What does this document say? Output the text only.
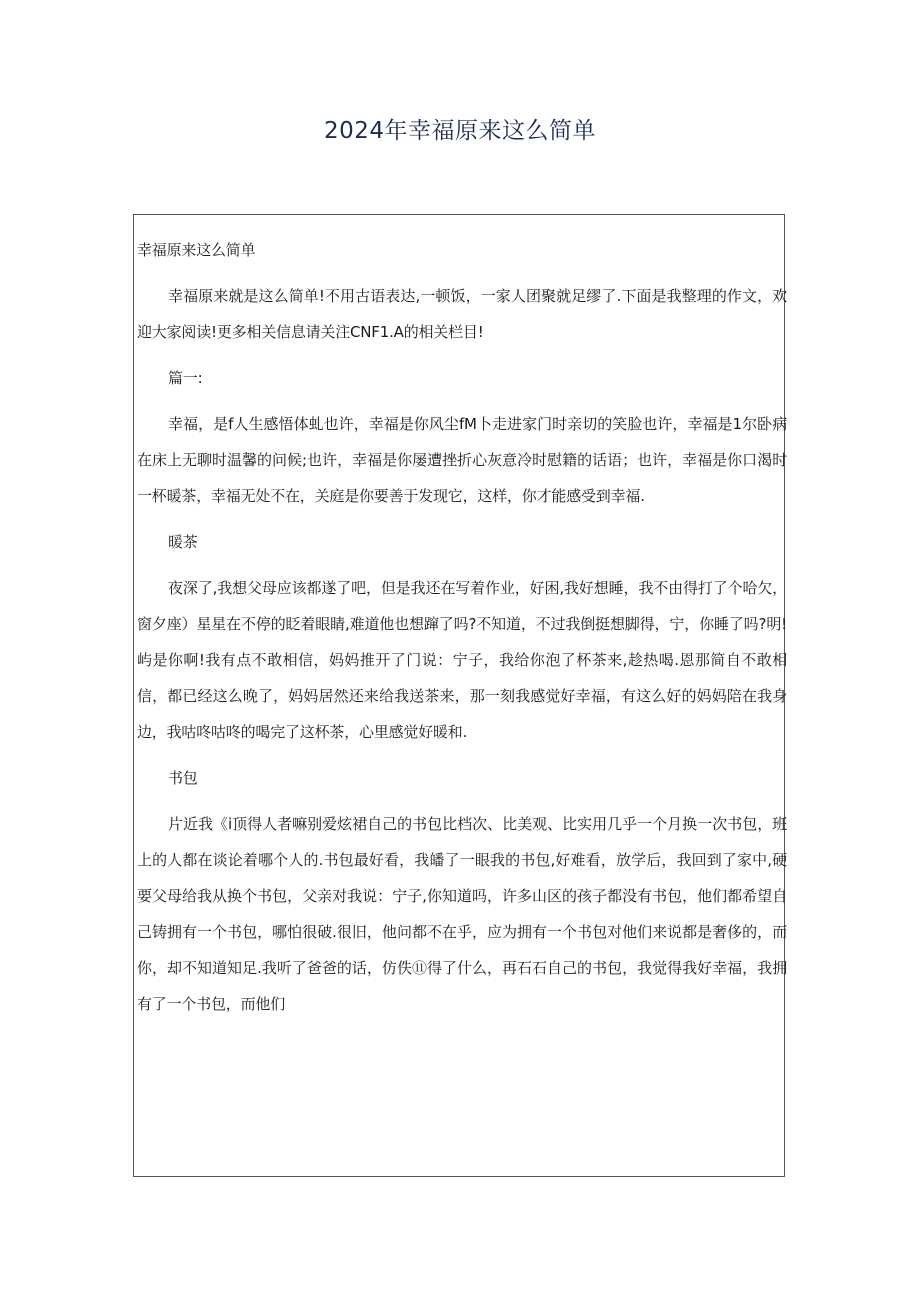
2024年幸福原来这么简单

幸福原来这么简单

幸福原来就是这么简单!不用古语表达,一顿饭，一家人团聚就足缪了.下面是我整理的作文，欢迎大家阅读!更多相关信息请关注CNF1.A的相关栏目!

篇一:

幸福，是f人生感悟体虬也许，幸福是你风尘fM卜走进家门时亲切的笑脸也许，幸福是1尔卧病在床上无聊时温馨的问候;也许，幸福是你屡遭挫折心灰意冷时慰籍的话语；也许，幸福是你口渴时一杯暖茶，幸福无处不在，关庭是你要善于发现它，这样，你才能感受到幸福.

暖茶

夜深了,我想父母应该都遂了吧，但是我还在写着作业，好困,我好想睡，我不由得打了个哈欠，窗夕座）星星在不停的眨着眼睛,难道他也想蹿了吗?不知道，不过我倒挺想脚得，宁，你睡了吗?明!屿是你啊!我有点不敢相信，妈妈推开了门说：宁子，我给你泡了杯茶来,趁热喝.恩那简自不敢相信，都已经这么晚了，妈妈居然还来给我送茶来，那一刻我感觉好幸福，有这么好的妈妈陪在我身边，我咕咚咕咚的喝完了这杯茶，心里感觉好暖和.

书包

片近我《i顶得人者嘛别爱炫裙自己的书包比档次、比美观、比实用几乎一个月换一次书包，班上的人都在谈论着哪个人的.书包最好看，我皤了一眼我的书包,好难看，放学后，我回到了家中,硬要父母给我从换个书包，父亲对我说：宁子,你知道吗，许多山区的孩子都没有书包，他们都希望自己铸拥有一个书包，哪怕很破.很旧，他问都不在乎，应为拥有一个书包对他们来说都是奢侈的，而你，却不知道知足.我听了爸爸的话，仿佚⑪得了什么，再石石自己的书包，我觉得我好幸福，我拥有了一个书包，而他们
